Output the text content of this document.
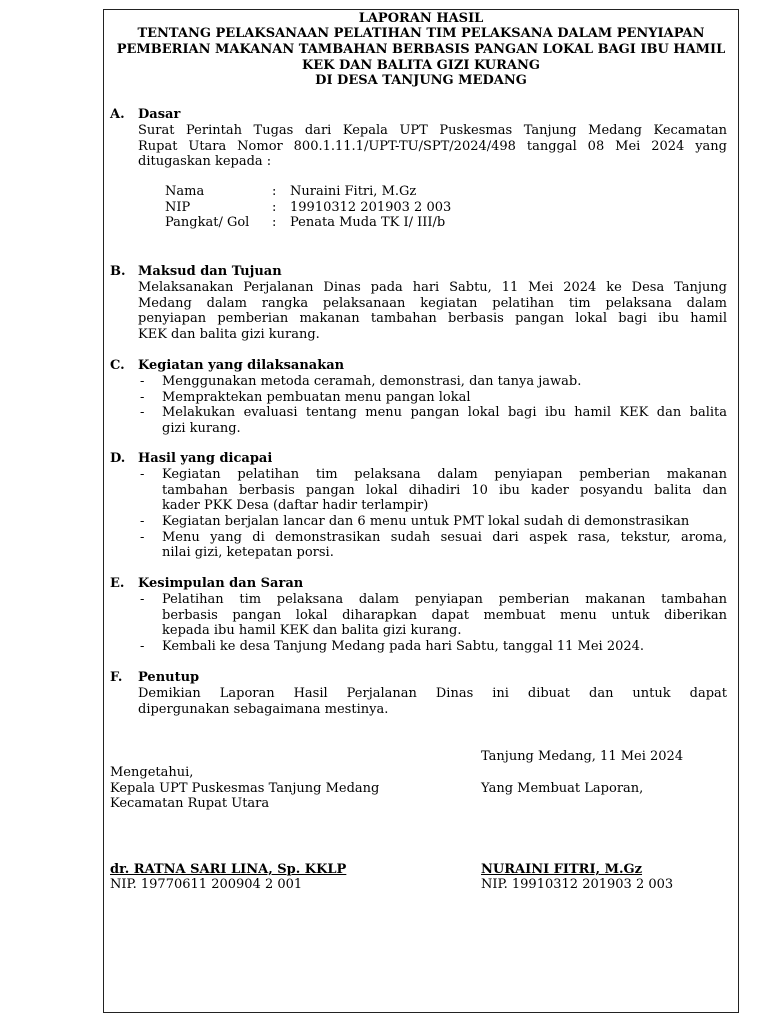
LAPORAN HASIL
TENTANG PELAKSANAAN PELATIHAN TIM PELAKSANA DALAM PENYIAPAN
PEMBERIAN MAKANAN TAMBAHAN BERBASIS PANGAN LOKAL BAGI IBU HAMIL
KEK DAN BALITA GIZI KURANG
DI DESA TANJUNG MEDANG
A. Dasar
Surat Perintah Tugas dari Kepala UPT Puskesmas Tanjung Medang Kecamatan
Rupat Utara Nomor 800.1.11.1/UPT-TU/SPT/2024/498 tanggal 08 Mei 2024 yang
ditugaskan kepada :
Nama	: Nuraini Fitri, M.Gz
NIP	: 19910312 201903 2 003
Pangkat/ Gol : Penata Muda TK I/ III/b
B. Maksud dan Tujuan
Melaksanakan Perjalanan Dinas pada hari Sabtu, 11 Mei 2024 ke Desa Tanjung
Medang dalam rangka pelaksanaan kegiatan pelatihan tim pelaksana dalam
penyiapan pemberian makanan tambahan berbasis pangan lokal bagi ibu hamil
KEK dan balita gizi kurang.
C. Kegiatan yang dilaksanakan
- Menggunakan metoda ceramah, demonstrasi, dan tanya jawab.
- Mempraktekan pembuatan menu pangan lokal
- Melakukan evaluasi tentang menu pangan lokal bagi ibu hamil KEK dan balita
gizi kurang.
D. Hasil yang dicapai
- Kegiatan pelatihan tim pelaksana dalam penyiapan pemberian makanan
tambahan berbasis pangan lokal dihadiri 10 ibu kader posyandu balita dan
kader PKK Desa (daftar hadir terlampir)
- Kegiatan berjalan lancar dan 6 menu untuk PMT lokal sudah di demonstrasikan
- Menu yang di demonstrasikan sudah sesuai dari aspek rasa, tekstur, aroma,
nilai gizi, ketepatan porsi.
E. Kesimpulan dan Saran
- Pelatihan tim pelaksana dalam penyiapan pemberian makanan tambahan
berbasis pangan lokal diharapkan dapat membuat menu untuk diberikan
kepada ibu hamil KEK dan balita gizi kurang.
- Kembali ke desa Tanjung Medang pada hari Sabtu, tanggal 11 Mei 2024.
F. Penutup
Demikian Laporan Hasil Perjalanan Dinas ini dibuat dan untuk dapat
dipergunakan sebagaimana mestinya.
Tanjung Medang, 11 Mei 2024
Mengetahui,
Kepala UPT Puskesmas Tanjung Medang
Kecamatan Rupat Utara
Yang Membuat Laporan,
dr. RATNA SARI LINA, Sp. KKLP
NIP. 19770611 200904 2 001
NURAINI FITRI, M.Gz
NIP. 19910312 201903 2 003
